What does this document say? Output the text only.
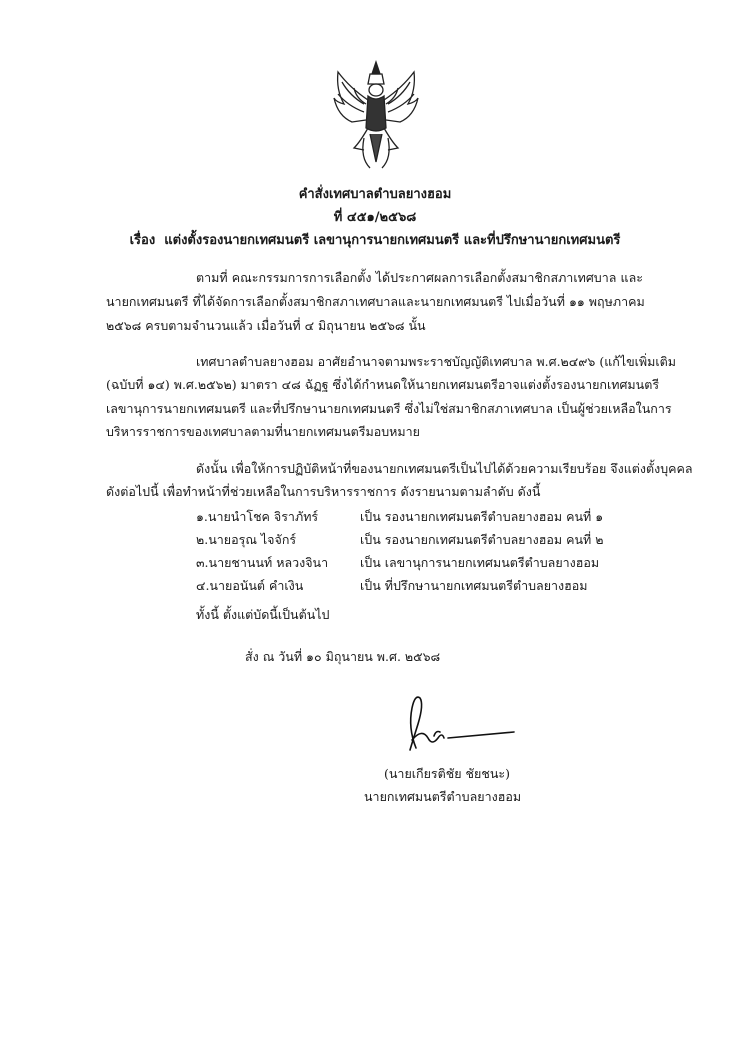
คำสั่งเทศบาลตำบลยางฮอม
ที่ ๔๕๑/๒๕๖๘
เรื่อง แต่งตั้งรองนายกเทศมนตรี เลขานุการนายกเทศมนตรี และที่ปรึกษานายกเทศมนตรี
ตามที่ คณะกรรมการการเลือกตั้ง ได้ประกาศผลการเลือกตั้งสมาชิกสภาเทศบาล และ
นายกเทศมนตรี ที่ได้จัดการเลือกตั้งสมาชิกสภาเทศบาลและนายกเทศมนตรี ไปเมื่อวันที่ ๑๑ พฤษภาคม
๒๕๖๘ ครบตามจำนวนแล้ว เมื่อวันที่ ๔ มิถุนายน ๒๕๖๘ นั้น
เทศบาลตำบลยางฮอม อาศัยอำนาจตามพระราชบัญญัติเทศบาล พ.ศ.๒๔๙๖ (แก้ไขเพิ่มเติม
(ฉบับที่ ๑๔) พ.ศ.๒๕๖๒) มาตรา ๔๘ ฉัฏฐ ซึ่งได้กำหนดให้นายกเทศมนตรีอาจแต่งตั้งรองนายกเทศมนตรี
เลขานุการนายกเทศมนตรี และที่ปรึกษานายกเทศมนตรี ซึ่งไม่ใช่สมาชิกสภาเทศบาล เป็นผู้ช่วยเหลือในการ
บริหารราชการของเทศบาลตามที่นายกเทศมนตรีมอบหมาย
ดังนั้น เพื่อให้การปฏิบัติหน้าที่ของนายกเทศมนตรีเป็นไปได้ด้วยความเรียบร้อย จึงแต่งตั้งบุคคล
ดังต่อไปนี้ เพื่อทำหน้าที่ช่วยเหลือในการบริหารราชการ ดังรายนามตามลำดับ ดังนี้
๑.นายนำโชค จิราภัทร์	เป็น รองนายกเทศมนตรีตำบลยางฮอม คนที่ ๑
๒.นายอรุณ ไจจักร์	เป็น รองนายกเทศมนตรีตำบลยางฮอม คนที่ ๒
๓.นายชานนท์ หลวงจินา	เป็น เลขานุการนายกเทศมนตรีตำบลยางฮอม
๔.นายอนันต์ คำเงิน	เป็น ที่ปรึกษานายกเทศมนตรีตำบลยางฮอม
ทั้งนี้ ตั้งแต่บัดนี้เป็นต้นไป
สั่ง ณ วันที่ ๑๐ มิถุนายน พ.ศ. ๒๕๖๘
(นายเกียรติชัย ชัยชนะ)
นายกเทศมนตรีตำบลยางฮอม
